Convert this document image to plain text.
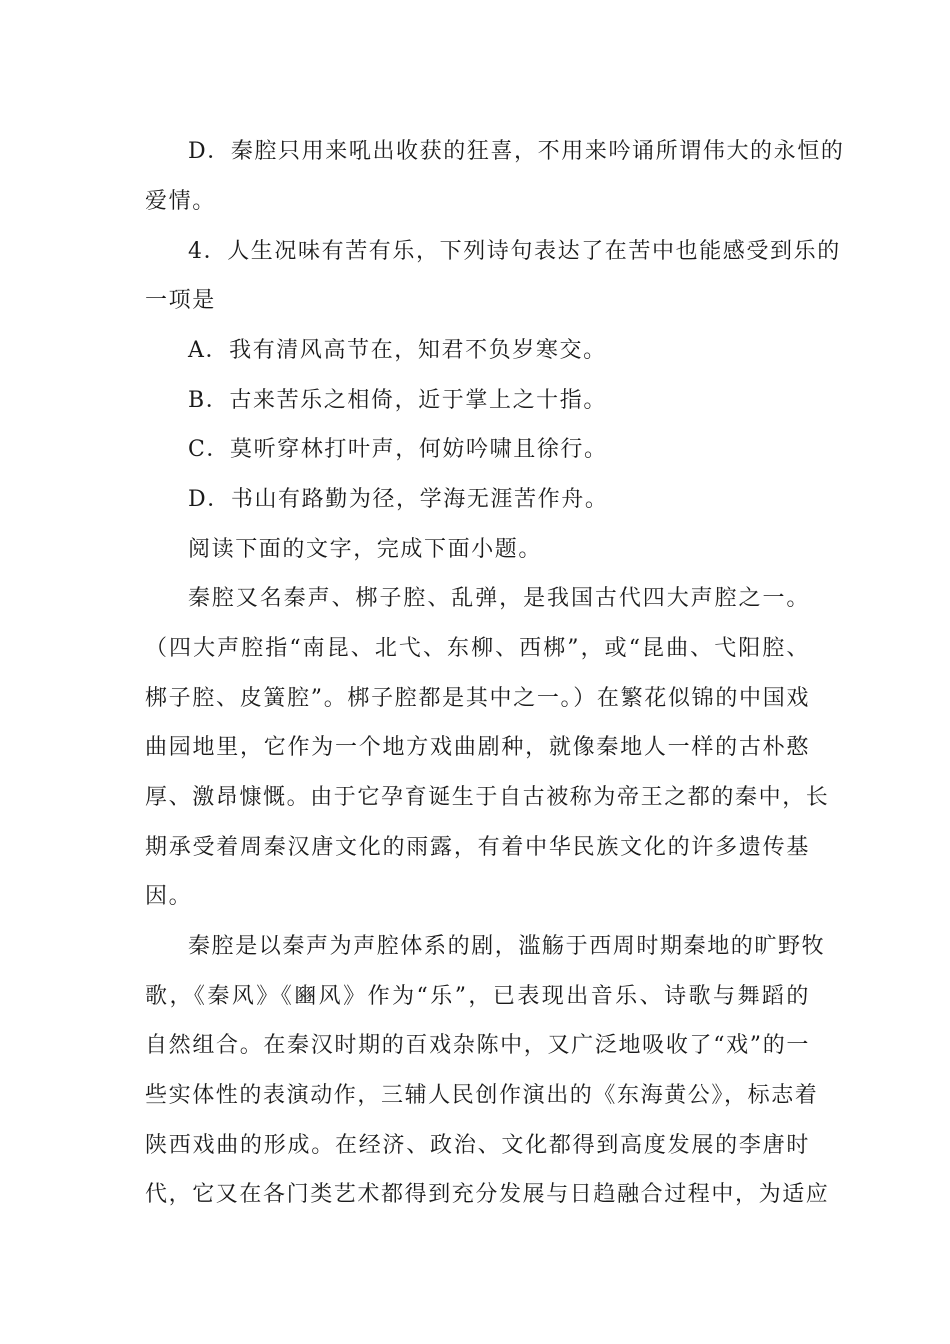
D．秦腔只用来吼出收获的狂喜，不用来吟诵所谓伟大的永恒的
爱情。
4．人生况味有苦有乐，下列诗句表达了在苦中也能感受到乐的
一项是
A．我有清风高节在，知君不负岁寒交。
B．古来苦乐之相倚，近于掌上之十指。
C．莫听穿林打叶声，何妨吟啸且徐行。
D．书山有路勤为径，学海无涯苦作舟。
阅读下面的文字，完成下面小题。
秦腔又名秦声、梆子腔、乱弹，是我国古代四大声腔之一。
（四大声腔指“南昆、北弋、东柳、西梆”，或“昆曲、弋阳腔、
梆子腔、皮簧腔”。梆子腔都是其中之一。）在繁花似锦的中国戏
曲园地里，它作为一个地方戏曲剧种，就像秦地人一样的古朴憨
厚、激昂慷慨。由于它孕育诞生于自古被称为帝王之都的秦中，长
期承受着周秦汉唐文化的雨露，有着中华民族文化的许多遗传基
因。
秦腔是以秦声为声腔体系的剧，滥觞于西周时期秦地的旷野牧
歌，《秦风》《豳风》作为“乐”，已表现出音乐、诗歌与舞蹈的
自然组合。在秦汉时期的百戏杂陈中，又广泛地吸收了“戏”的一
些实体性的表演动作，三辅人民创作演出的《东海黄公》，标志着
陕西戏曲的形成。在经济、政治、文化都得到高度发展的李唐时
代，它又在各门类艺术都得到充分发展与日趋融合过程中，为适应
